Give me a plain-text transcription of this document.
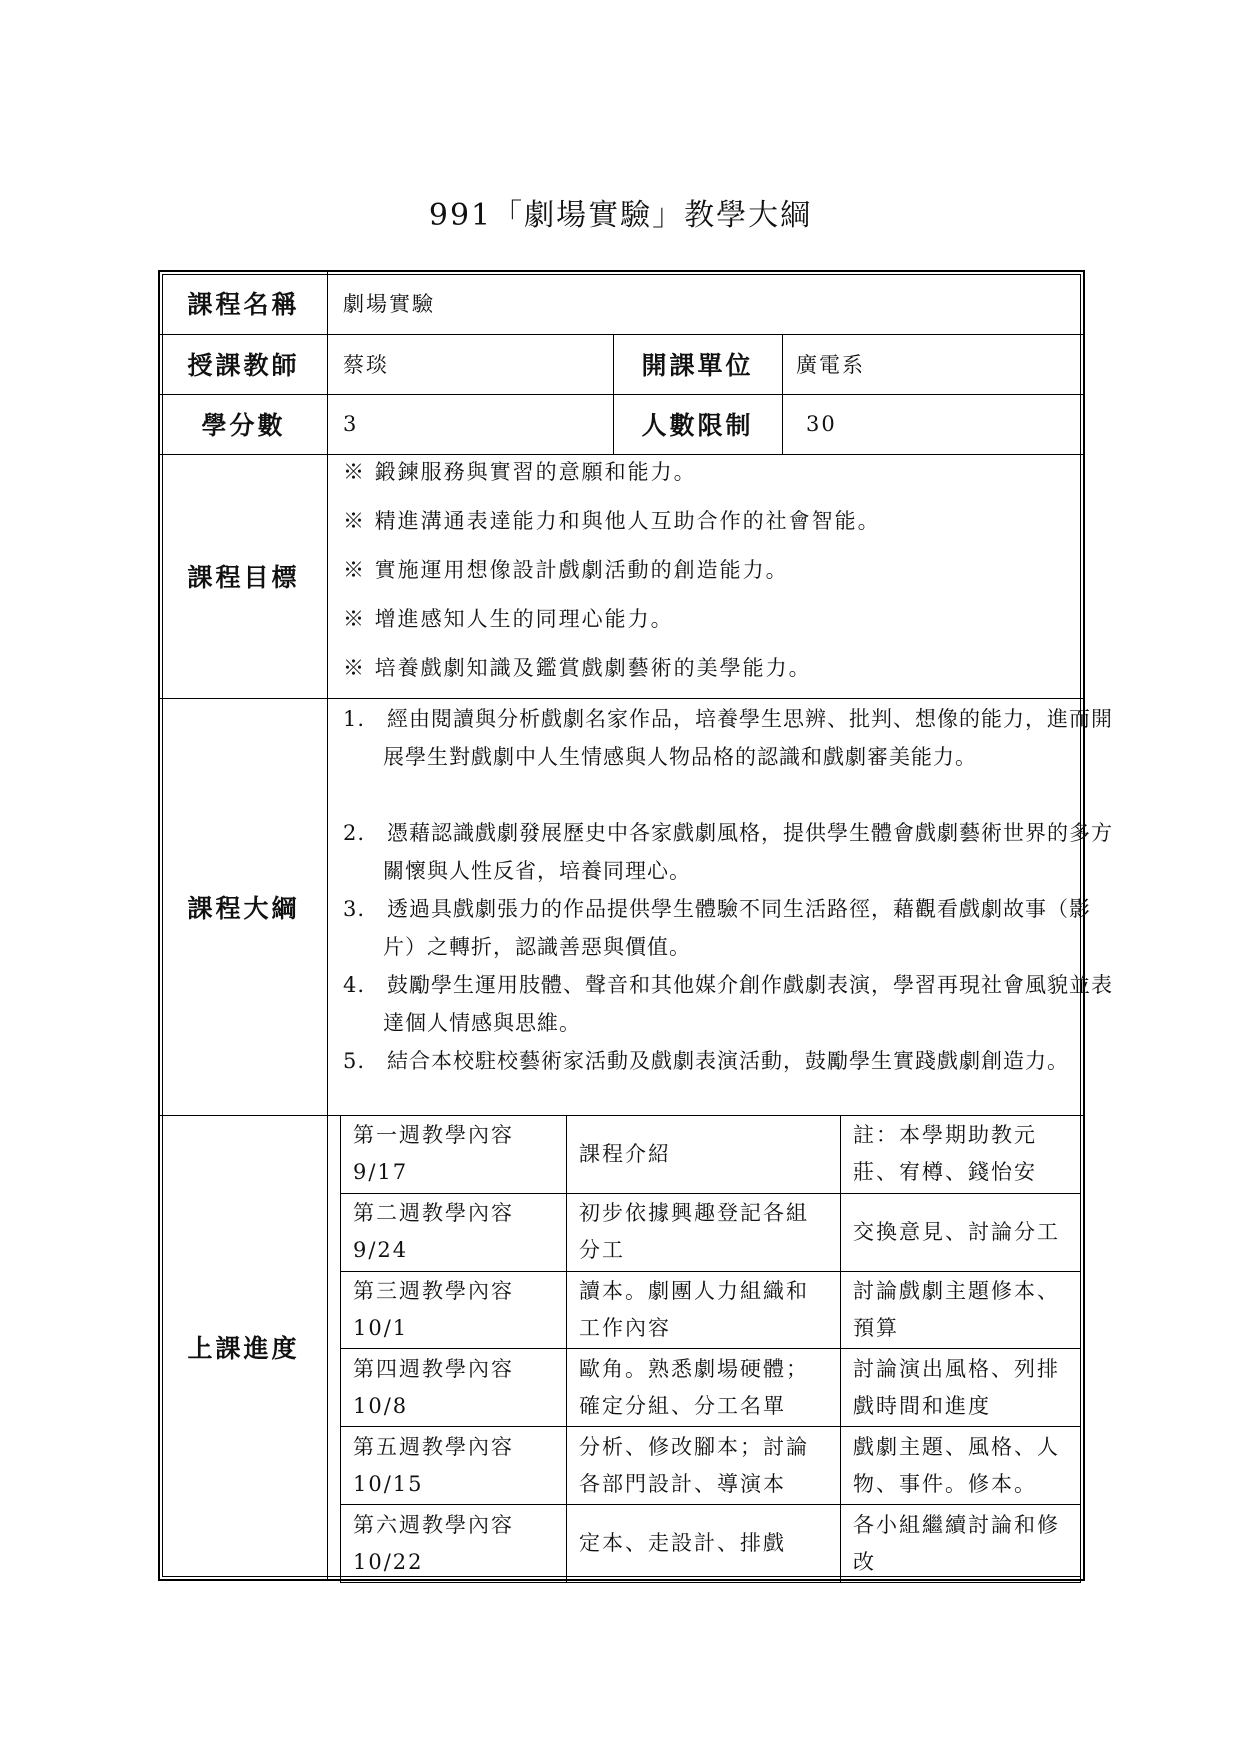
991「劇場實驗」教學大綱
課程名稱	劇場實驗
授課教師	蔡琰	開課單位	廣電系
學分數	3	人數限制	30
課程目標
※ 鍛鍊服務與實習的意願和能力。
※ 精進溝通表達能力和與他人互助合作的社會智能。
※ 實施運用想像設計戲劇活動的創造能力。
※ 增進感知人生的同理心能力。
※ 培養戲劇知識及鑑賞戲劇藝術的美學能力。
課程大綱
1.　經由閱讀與分析戲劇名家作品，培養學生思辨、批判、想像的能力，進而開展學生對戲劇中人生情感與人物品格的認識和戲劇審美能力。
2.　憑藉認識戲劇發展歷史中各家戲劇風格，提供學生體會戲劇藝術世界的多方關懷與人性反省，培養同理心。
3.　透過具戲劇張力的作品提供學生體驗不同生活路徑，藉觀看戲劇故事（影片）之轉折，認識善惡與價值。
4.　鼓勵學生運用肢體、聲音和其他媒介創作戲劇表演，學習再現社會風貌並表達個人情感與思維。
5.　結合本校駐校藝術家活動及戲劇表演活動，鼓勵學生實踐戲劇創造力。
上課進度
第一週教學內容
9/17	課程介紹	註：本學期助教元莊、宥樽、錢怡安
第二週教學內容
9/24	初步依據興趣登記各組分工	交換意見、討論分工
第三週教學內容
10/1	讀本。劇團人力組織和工作內容	討論戲劇主題修本、預算
第四週教學內容
10/8	歐角。熟悉劇場硬體；確定分組、分工名單	討論演出風格、列排戲時間和進度
第五週教學內容
10/15	分析、修改腳本；討論各部門設計、導演本	戲劇主題、風格、人物、事件。修本。
第六週教學內容
10/22	定本、走設計、排戲	各小組繼續討論和修改
